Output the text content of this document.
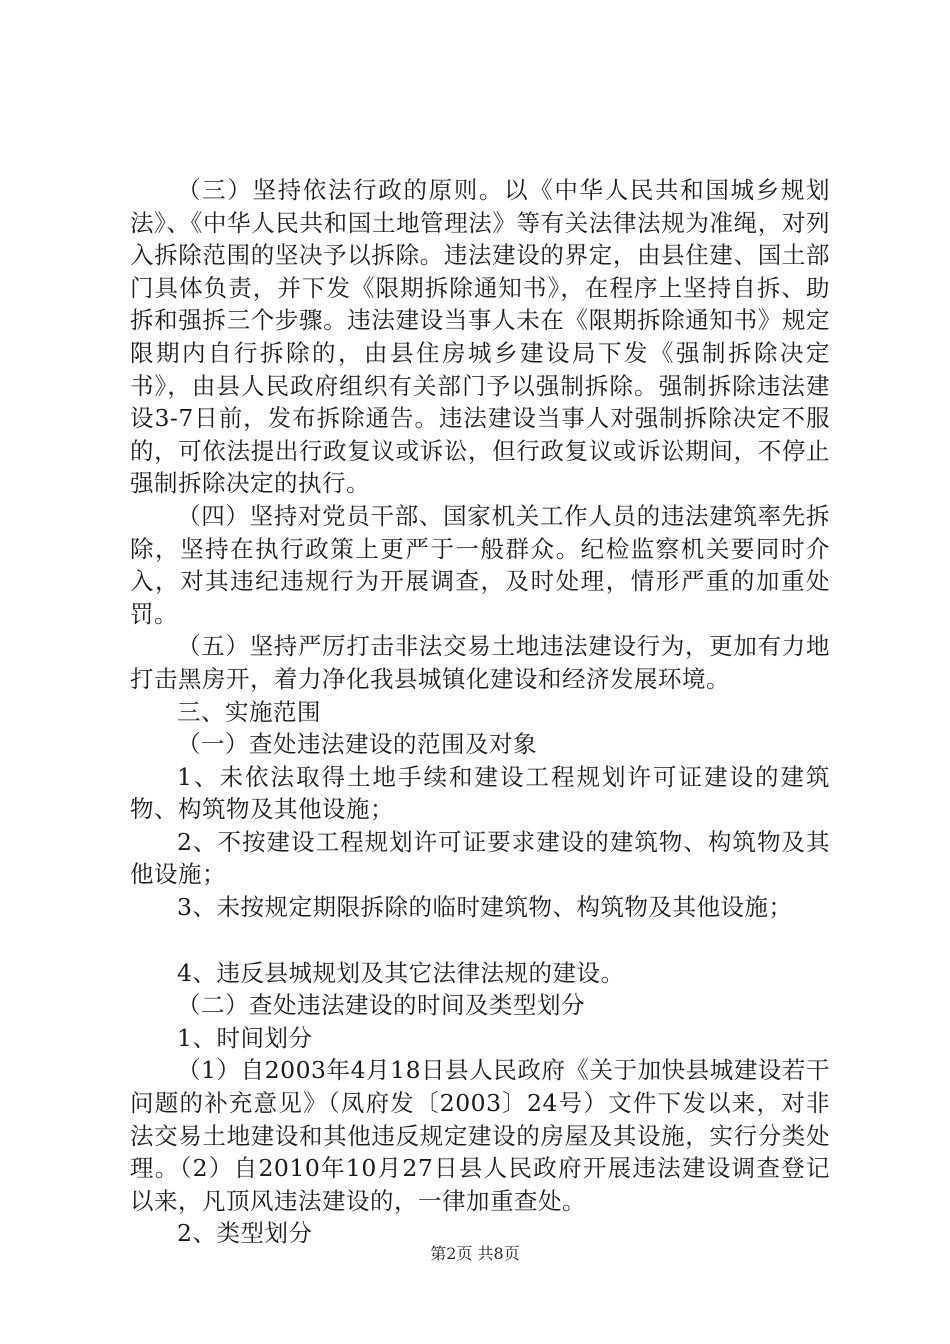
（三）坚持依法行政的原则。以《中华人民共和国城乡规划法》、《中华人民共和国土地管理法》等有关法律法规为准绳，对列入拆除范围的坚决予以拆除。违法建设的界定，由县住建、国土部门具体负责，并下发《限期拆除通知书》，在程序上坚持自拆、助拆和强拆三个步骤。违法建设当事人未在《限期拆除通知书》规定限期内自行拆除的，由县住房城乡建设局下发《强制拆除决定书》，由县人民政府组织有关部门予以强制拆除。强制拆除违法建设3-7日前，发布拆除通告。违法建设当事人对强制拆除决定不服的，可依法提出行政复议或诉讼，但行政复议或诉讼期间，不停止强制拆除决定的执行。

（四）坚持对党员干部、国家机关工作人员的违法建筑率先拆除，坚持在执行政策上更严于一般群众。纪检监察机关要同时介入，对其违纪违规行为开展调查，及时处理，情形严重的加重处罚。

（五）坚持严厉打击非法交易土地违法建设行为，更加有力地打击黑房开，着力净化我县城镇化建设和经济发展环境。

三、实施范围

（一）查处违法建设的范围及对象

1、未依法取得土地手续和建设工程规划许可证建设的建筑物、构筑物及其他设施；

2、不按建设工程规划许可证要求建设的建筑物、构筑物及其他设施；

3、未按规定期限拆除的临时建筑物、构筑物及其他设施；

4、违反县城规划及其它法律法规的建设。

（二）查处违法建设的时间及类型划分

1、时间划分

（1）自2003年4月18日县人民政府《关于加快县城建设若干问题的补充意见》（凤府发〔2003〕24号）文件下发以来，对非法交易土地建设和其他违反规定建设的房屋及其设施，实行分类处理。（2）自2010年10月27日县人民政府开展违法建设调查登记以来，凡顶风违法建设的，一律加重查处。

2、类型划分

第2页 共8页
